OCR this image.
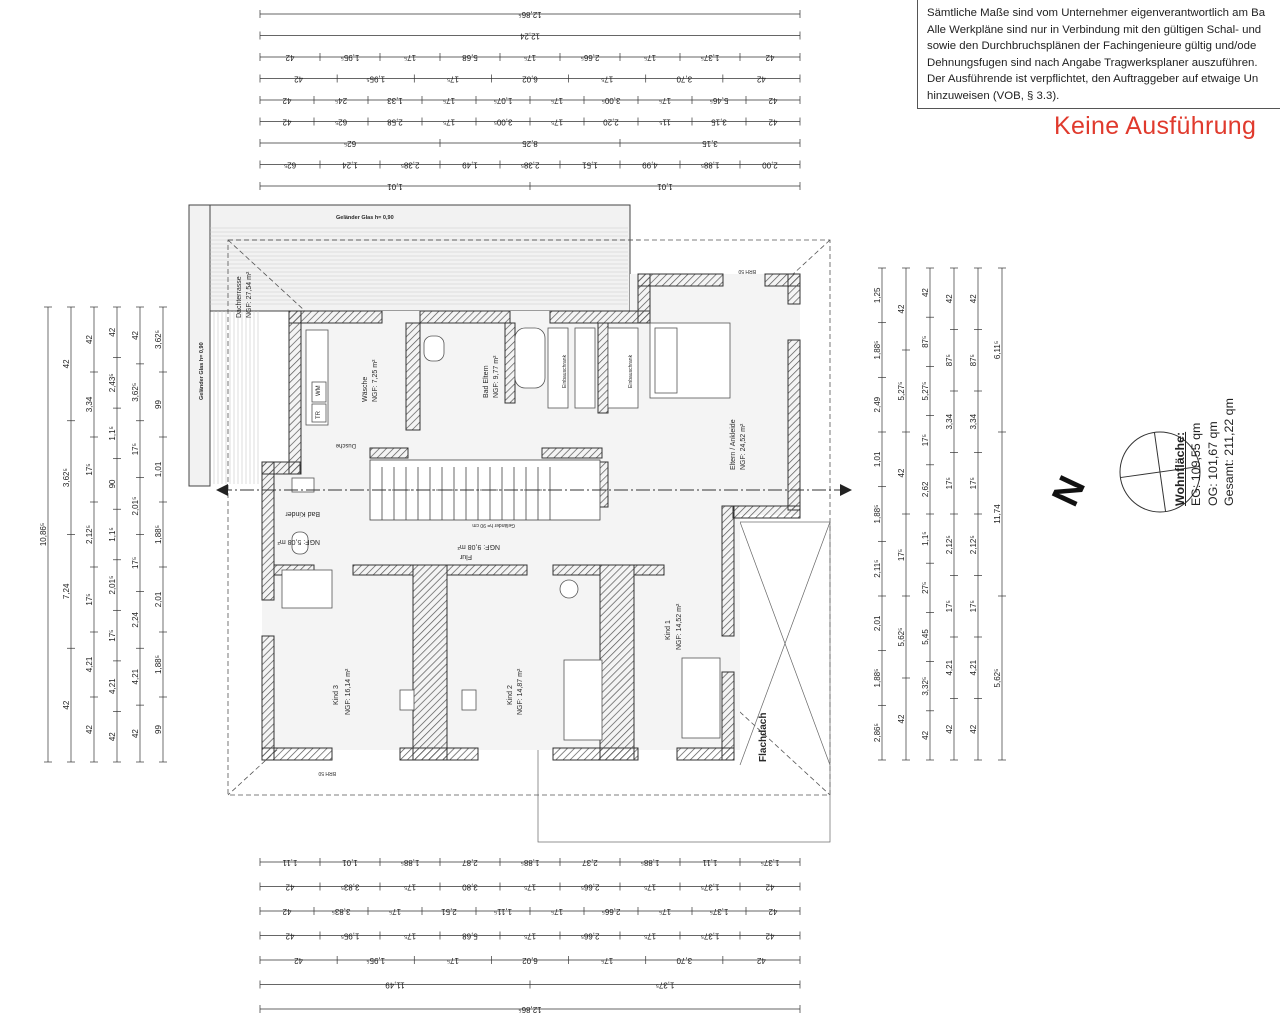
12,86⁵
12,24
42	1,95⁵	17⁵	5,68	17⁵	2,66⁵	17⁵	1,37⁵	42
42	1,95⁵	17⁵	6,02	17⁵	3,70	42
42	24⁵	1,33	17⁵	1,07⁵	17⁵	3,00⁵	17⁵	5,46⁵	42
42	62⁵	2,58	17⁵	3,00⁵	17⁵	2,20	11⁵	3,15	42
62⁵	8,25	3,15
62⁵	1,24	2,38⁵	1,49	2,38⁵	1,51	4,99	1,88⁵	2,00
1,01	1,01
1,11	1,01	1,88⁵	2,87	1,88⁵	2,37	1,88⁵	1,11	1,37⁵
42	3,83⁵	17⁵	3,80	17⁵	2,66⁵	17⁵	1,37⁵	42
42	3,83⁵	17⁵	2,51	1,11⁵	17⁵	2,66⁵	17⁵	1,37⁵	42
42	1,95⁵	17⁵	5,68	17⁵	2,66⁵	17⁵	1,37⁵	42
42	1,95⁵	17⁵	6,02	17⁵	3,70	42
11,49	1,37⁵
12,86⁵
10,86⁵
42
3,62⁵
7,24
42
42
3,34
17⁵
2,12⁵
17⁵
4,21
42
42
2,43⁵
1,1⁵
90
1,1⁵
2,01⁵
17⁵
4,21
42
42
3,62⁵
17⁵
2,01⁵
17⁵
2,24
4,21
42
3,62⁵
99
1,01
1,88⁵
2,01
1,88⁵
99
1,25
1,88⁵
2,49
1,01
1,88⁵
2,11⁵
2,01
1,88⁵
2,86⁵
42
5,27⁵
42
17⁵
5,62⁵
42
42
87⁵
5,27⁵
17⁵
2,62
1,1⁵
27⁵
5,45
3,32⁵
42
42
87⁵
3,34
17⁵
2,12⁵
17⁵
4,21
42
42
87⁵
3,34
17⁵
2,12⁵
17⁵
4,21
42
6,11⁵
11,74
5,62⁵
Dachterrasse NGF: 27,54 m²
Wäsche NGF: 7,25 m²	Bad Eltern NGF: 9,77 m²
Eltern / Ankleide NGF: 24,52 m²
Bad Kinder
NGF: 5,08 m²
Flur
NGF: 9,08 m²
Kind 1 NGF: 14,52 m²
Kind 2 NGF: 14,87 m²
Kind 3 NGF: 16,14 m²
WM
TR
Dusche
Einbauschrank	Einbauschrank
Geländer h= 90 cm
BRH 50
BRH 50
Geländer Glas h= 0,90
Geländer Glas h= 0,90
Flachdach
Sämtliche Maße sind vom Unternehmer eigenverantwortlich am Ba
Alle Werkpläne sind nur in Verbindung mit den gültigen Schal- und
sowie den Durchbruchsplänen der Fachingenieure gültig und/ode
Dehnungsfugen sind nach Angabe Tragwerksplaner auszuführen.
Der Ausführende ist verpflichtet, den Auftraggeber auf etwaige Un
hinzuweisen (VOB, § 3.3).
Keine Ausführung
N	Wohnfläche: EG: 109,55 qm OG: 101,67 qm Gesamt: 211,22 qm
